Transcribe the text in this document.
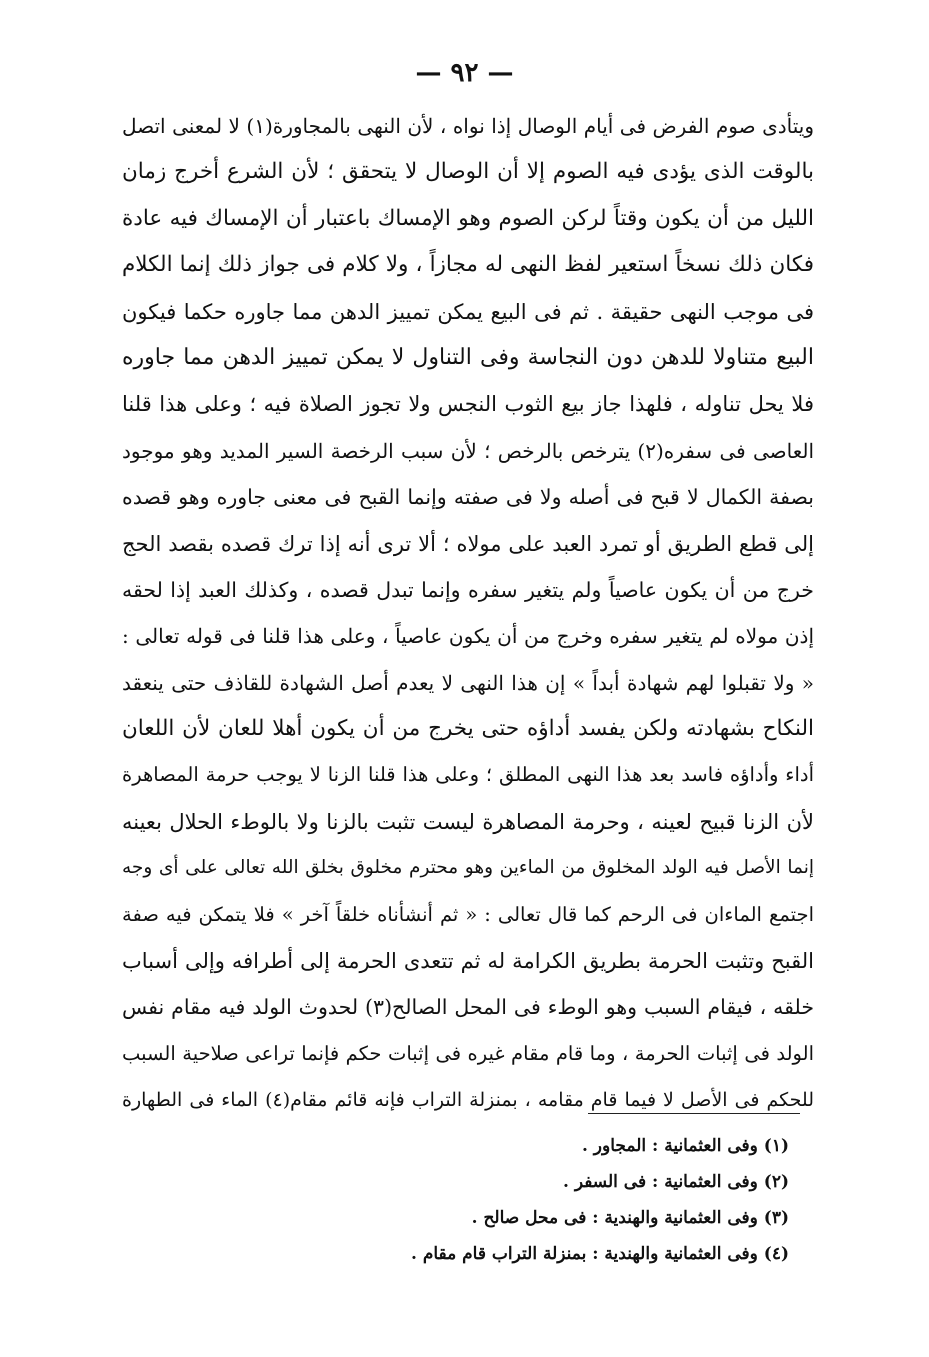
— ٩٢ —
ويتأدى صوم الفرض فى أيام الوصال إذا نواه ، لأن النهى بالمجاورة(١) لا لمعنى اتصل
بالوقت الذى يؤدى فيه الصوم إلا أن الوصال لا يتحقق ؛ لأن الشرع أخرج زمان
الليل من أن يكون وقتاً لركن الصوم وهو الإمساك باعتبار أن الإمساك فيه عادة
فكان ذلك نسخاً استعير لفظ النهى له مجازاً ، ولا كلام فى جواز ذلك إنما الكلام
فى موجب النهى حقيقة . ثم فى البيع يمكن تمييز الدهن مما جاوره حكما فيكون
البيع متناولا للدهن دون النجاسة وفى التناول لا يمكن تمييز الدهن مما جاوره
فلا يحل تناوله ، فلهذا جاز بيع الثوب النجس ولا تجوز الصلاة فيه ؛ وعلى هذا قلنا
العاصى فى سفره(٢) يترخص بالرخص ؛ لأن سبب الرخصة السير المديد وهو موجود
بصفة الكمال لا قبح فى أصله ولا فى صفته وإنما القبح فى معنى جاوره وهو قصده
إلى قطع الطريق أو تمرد العبد على مولاه ؛ ألا ترى أنه إذا ترك قصده بقصد الحج
خرج من أن يكون عاصياً ولم يتغير سفره وإنما تبدل قصده ، وكذلك العبد إذا لحقه
إذن مولاه لم يتغير سفره وخرج من أن يكون عاصياً ، وعلى هذا قلنا فى قوله تعالى :
« ولا تقبلوا لهم شهادة أبداً » إن هذا النهى لا يعدم أصل الشهادة للقاذف حتى ينعقد
النكاح بشهادته ولكن يفسد أداؤه حتى يخرج من أن يكون أهلا للعان لأن اللعان
أداء وأداؤه فاسد بعد هذا النهى المطلق ؛ وعلى هذا قلنا الزنا لا يوجب حرمة المصاهرة
لأن الزنا قبيح لعينه ، وحرمة المصاهرة ليست تثبت بالزنا ولا بالوطء الحلال بعينه
إنما الأصل فيه الولد المخلوق من الماءين وهو محترم مخلوق بخلق الله تعالى على أى وجه
اجتمع الماءان فى الرحم كما قال تعالى : « ثم أنشأناه خلقاً آخر » فلا يتمكن فيه صفة
القبح وتثبت الحرمة بطريق الكرامة له ثم تتعدى الحرمة إلى أطرافه وإلى أسباب
خلقه ، فيقام السبب وهو الوطء فى المحل الصالح(٣) لحدوث الولد فيه مقام نفس
الولد فى إثبات الحرمة ، وما قام مقام غيره فى إثبات حكم فإنما تراعى صلاحية السبب
للحكم فى الأصل لا فيما قام مقامه ، بمنزلة التراب فإنه قائم مقام(٤) الماء فى الطهارة
(١) وفى العثمانية : المجاور .
(٢) وفى العثمانية : فى السفر .
(٣) وفى العثمانية والهندية : فى محل صالح .
(٤) وفى العثمانية والهندية : بمنزلة التراب قام مقام .
